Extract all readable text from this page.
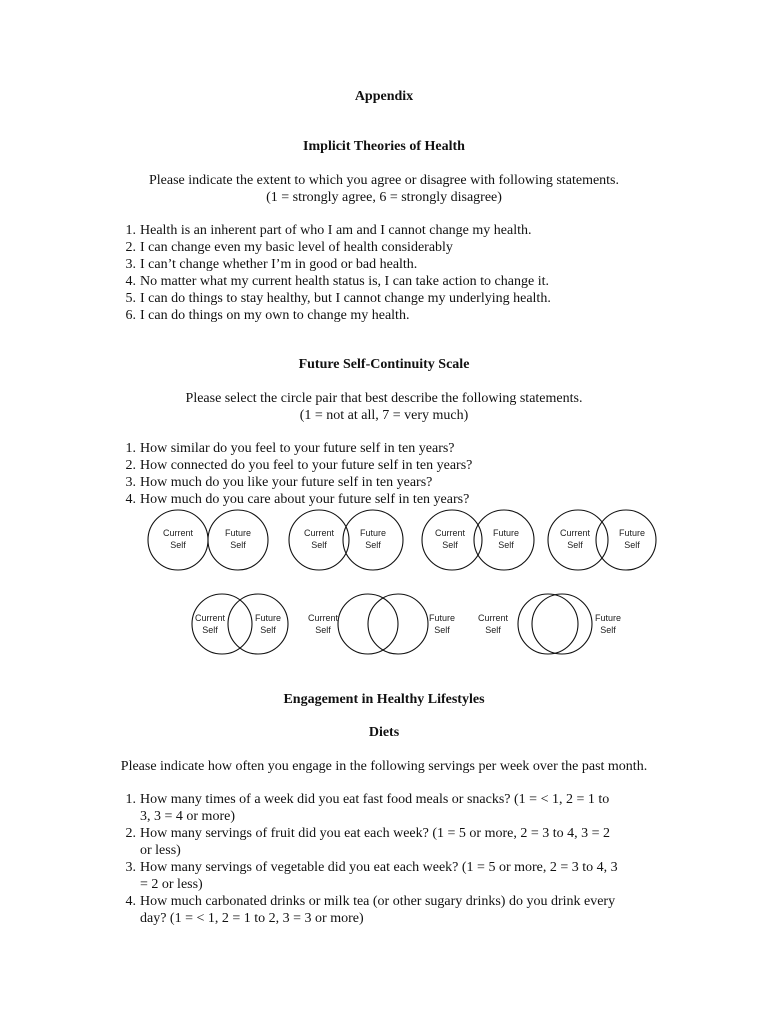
Appendix
Implicit Theories of Health
Please indicate the extent to which you agree or disagree with following statements.
(1 = strongly agree, 6 = strongly disagree)
1. Health is an inherent part of who I am and I cannot change my health.
2. I can change even my basic level of health considerably
3. I can’t change whether I’m in good or bad health.
4. No matter what my current health status is, I can take action to change it.
5. I can do things to stay healthy, but I cannot change my underlying health.
6. I can do things on my own to change my health.
Future Self-Continuity Scale
Please select the circle pair that best describe the following statements.
(1 = not at all, 7 = very much)
1. How similar do you feel to your future self in ten years?
2. How connected do you feel to your future self in ten years?
3. How much do you like your future self in ten years?
4. How much do you care about your future self in ten years?
Current
Self
Future
Self
Current
Self
Future
Self
Current
Self
Future
Self
Current
Self
Future
Self
Current
Self
Future
Self
Current
Self
Future
Self
Current
Self
Future
Self
Engagement in Healthy Lifestyles
Diets
Please indicate how often you engage in the following servings per week over the past month.
1. How many times of a week did you eat fast food meals or snacks? (1 = < 1, 2 = 1 to
3, 3 = 4 or more)
2. How many servings of fruit did you eat each week? (1 = 5 or more, 2 = 3 to 4, 3 = 2
or less)
3. How many servings of vegetable did you eat each week? (1 = 5 or more, 2 = 3 to 4, 3
= 2 or less)
4. How much carbonated drinks or milk tea (or other sugary drinks) do you drink every
day? (1 = < 1, 2 = 1 to 2, 3 = 3 or more)
